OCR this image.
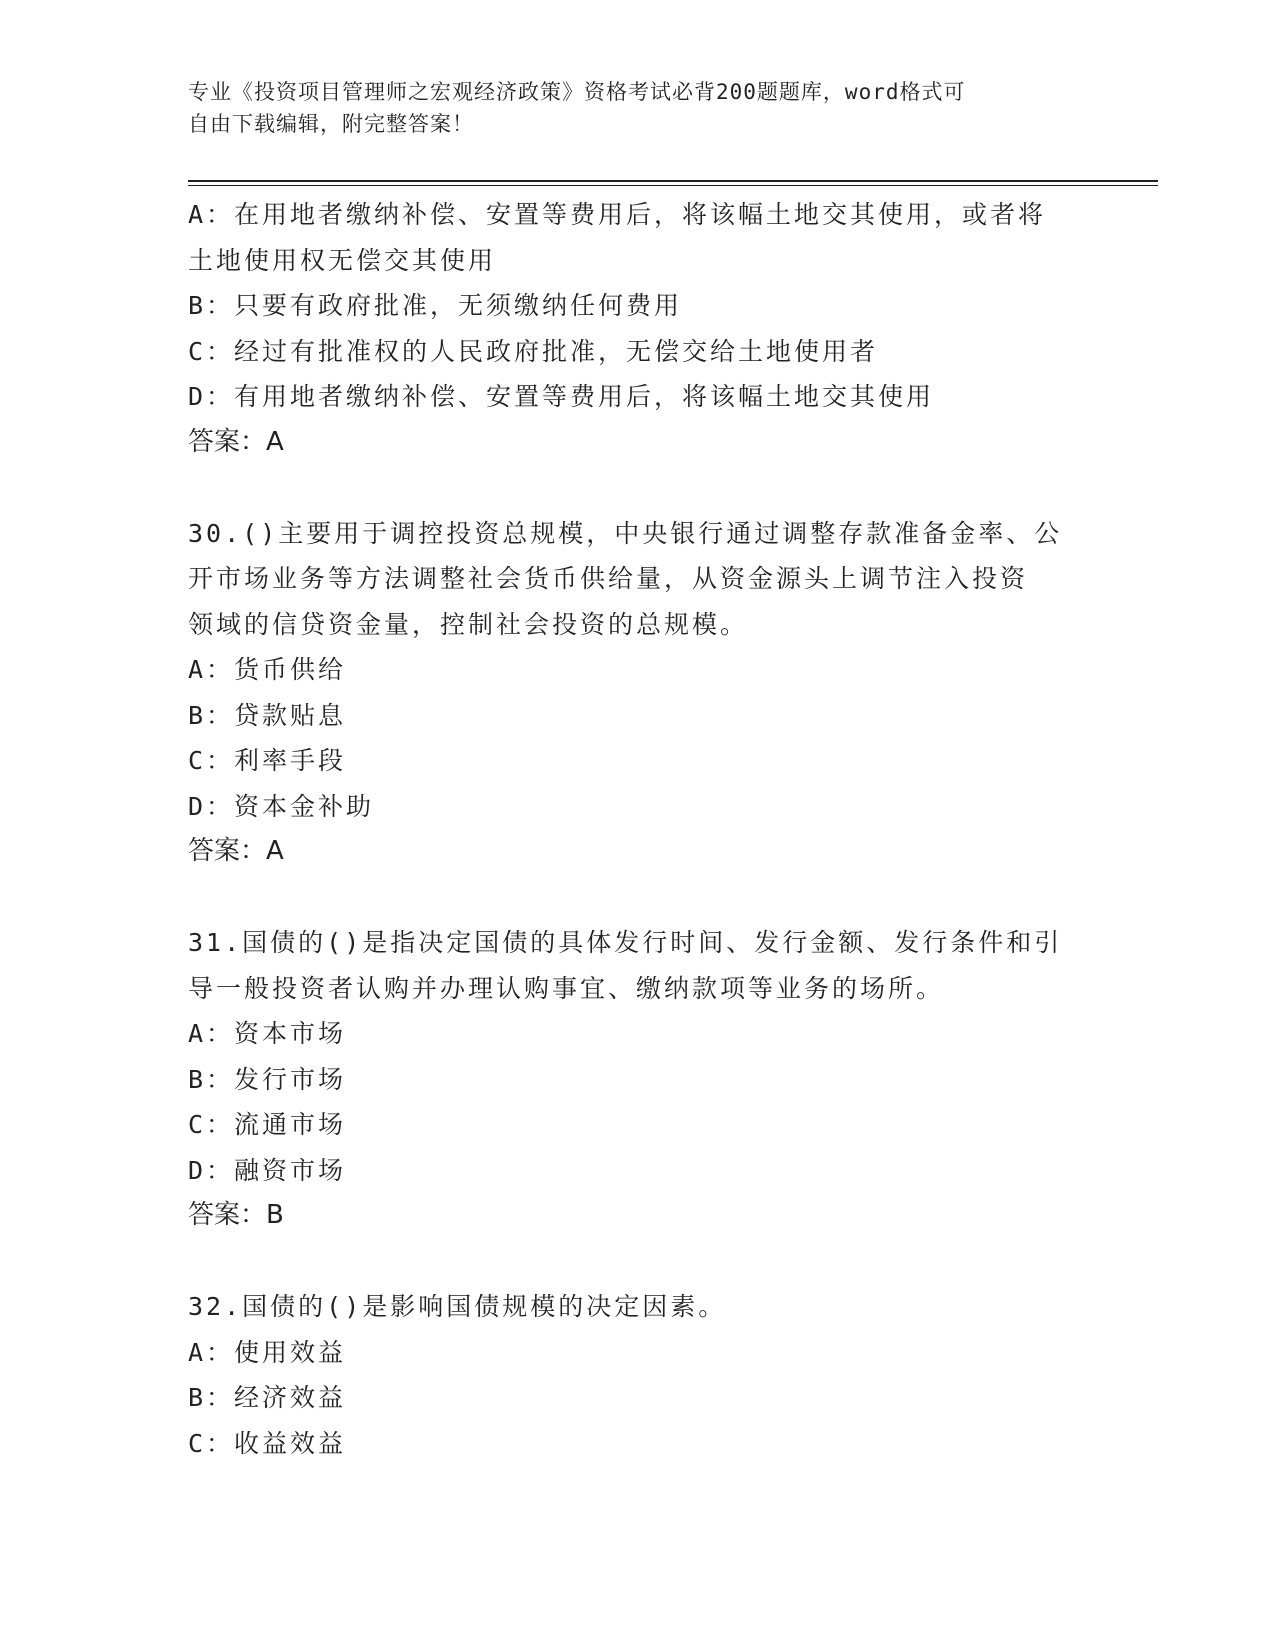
专业《投资项目管理师之宏观经济政策》资格考试必背200题题库，word格式可
自由下载编辑，附完整答案！
A：在用地者缴纳补偿、安置等费用后，将该幅土地交其使用，或者将
土地使用权无偿交其使用
B：只要有政府批准，无须缴纳任何费用
C：经过有批准权的人民政府批准，无偿交给土地使用者
D：有用地者缴纳补偿、安置等费用后，将该幅土地交其使用
答案：A
30.()主要用于调控投资总规模，中央银行通过调整存款准备金率、公
开市场业务等方法调整社会货币供给量，从资金源头上调节注入投资
领域的信贷资金量，控制社会投资的总规模。
A：货币供给
B：贷款贴息
C：利率手段
D：资本金补助
答案：A
31.国债的()是指决定国债的具体发行时间、发行金额、发行条件和引
导一般投资者认购并办理认购事宜、缴纳款项等业务的场所。
A：资本市场
B：发行市场
C：流通市场
D：融资市场
答案：B
32.国债的()是影响国债规模的决定因素。
A：使用效益
B：经济效益
C：收益效益
